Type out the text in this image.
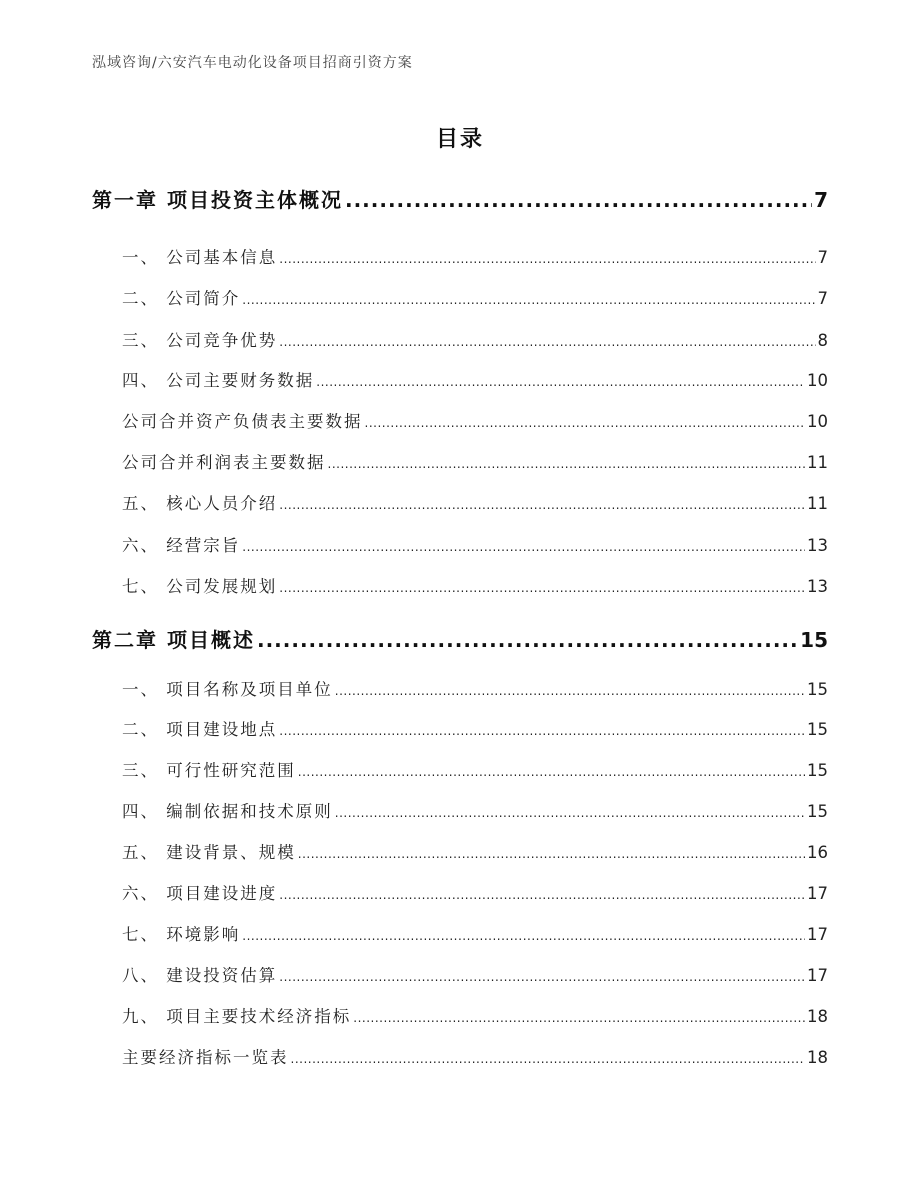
泓域咨询/六安汽车电动化设备项目招商引资方案
目录
第一章 项目投资主体概况 .....	7
一、 公司基本信息 .....	7
二、 公司简介 .....	7
三、 公司竞争优势 .....	8
四、 公司主要财务数据 .....	10
公司合并资产负债表主要数据 .....	10
公司合并利润表主要数据 .....	11
五、 核心人员介绍 .....	11
六、 经营宗旨 .....	13
七、 公司发展规划 .....	13
第二章 项目概述 .....	15
一、 项目名称及项目单位 .....	15
二、 项目建设地点 .....	15
三、 可行性研究范围 .....	15
四、 编制依据和技术原则 .....	15
五、 建设背景、规模 .....	16
六、 项目建设进度 .....	17
七、 环境影响 .....	17
八、 建设投资估算 .....	17
九、 项目主要技术经济指标 .....	18
主要经济指标一览表 .....	18
